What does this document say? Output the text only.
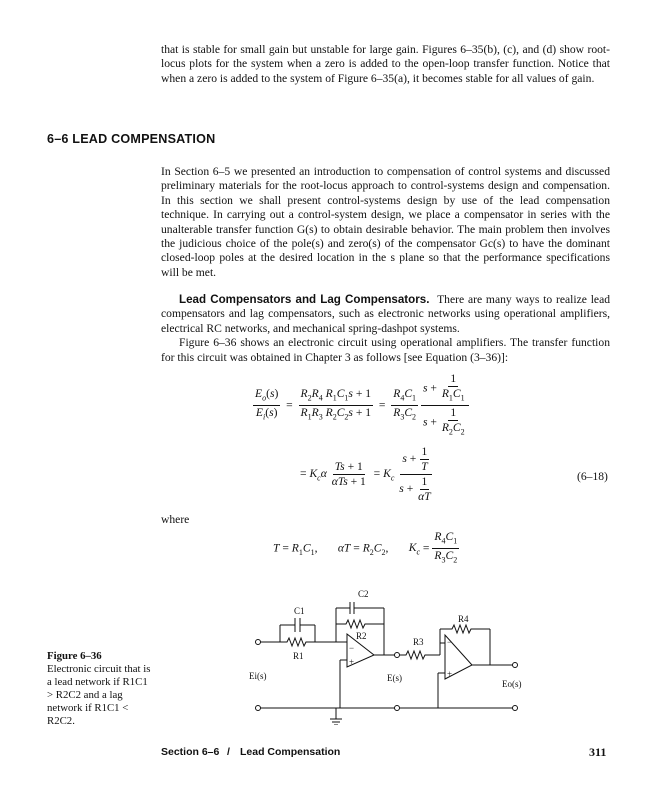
that is stable for small gain but unstable for large gain. Figures 6–35(b), (c), and (d) show root-locus plots for the system when a zero is added to the open-loop transfer function. Notice that when a zero is added to the system of Figure 6–35(a), it becomes stable for all values of gain.

6–6 LEAD COMPENSATION

In Section 6–5 we presented an introduction to compensation of control systems and discussed preliminary materials for the root-locus approach to control-systems design and compensation. In this section we shall present control-systems design by use of the lead compensation technique. In carrying out a control-system design, we place a compensator in series with the unalterable transfer function G(s) to obtain desirable behavior. The main problem then involves the judicious choice of the pole(s) and zero(s) of the compensator Gc(s) to have the dominant closed-loop poles at the desired location in the s plane so that the performance specifications will be met.

Lead Compensators and Lag Compensators. There are many ways to realize lead compensators and lag compensators, such as electronic networks using operational amplifiers, electrical RC networks, and mechanical spring-dashpot systems.

Figure 6–36 shows an electronic circuit using operational amplifiers. The transfer function for this circuit was obtained in Chapter 3 as follows [see Equation (3–36)]:

$\frac{E_o(s)}{E_i(s)} = \frac{R_2R_4 R_1C_1s + 1}{R_1R_3 R_2C_2s + 1} = \frac{R_4C_1}{R_3C_2}$
$\frac{s + \frac{1}{R_1C_1}}{s + \frac{1}{R_2C_2}}$
= $K_c\alpha \frac{Ts + 1}{\text{αTs + 1}} = K_c \frac{s + \frac{1}{T}}{s + \frac{1}{\alpha T}}$	(6–18)
where
$T = R_1C_1$,       $\alpha T = R_2C_2$,       $K_c = \frac{R_4C_1}{R_3C_2}$
C2
C1
R2
R1
R3
R4
Ei(s)	E(s)
Eo(s)
−
+
−
+
Figure 6–36
Electronic circuit that is a lead network if R1C1 > R2C2 and a lag network if R1C1 < R2C2.
Section 6–6 / Lead Compensation	311
